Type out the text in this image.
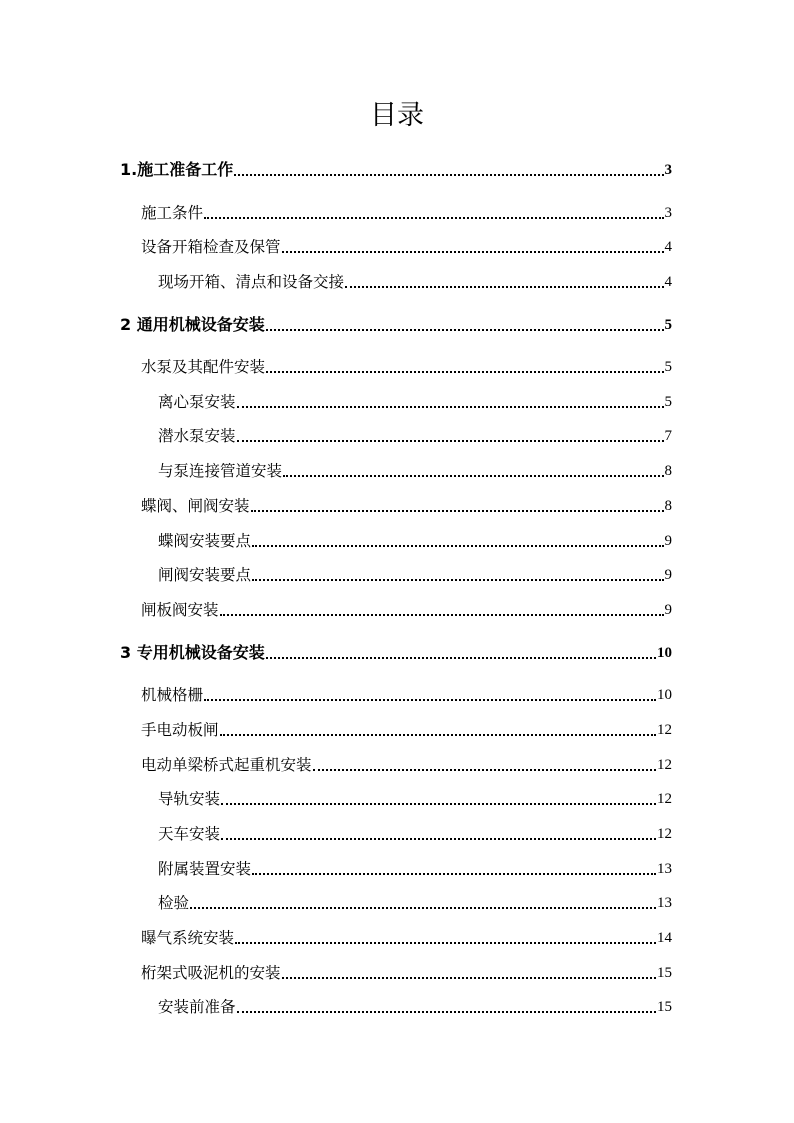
目录
1.施工准备工作	3
施工条件	3
设备开箱检查及保管	4
现场开箱、清点和设备交接	4
2 通用机械设备安装	5
水泵及其配件安装	5
离心泵安装	5
潜水泵安装	7
与泵连接管道安装	8
蝶阀、闸阀安装	8
蝶阀安装要点	9
闸阀安装要点	9
闸板阀安装	9
3 专用机械设备安装	10
机械格栅	10
手电动板闸	12
电动单梁桥式起重机安装	12
导轨安装	12
天车安装	12
附属装置安装	13
检验	13
曝气系统安装	14
桁架式吸泥机的安装	15
安装前准备	15
